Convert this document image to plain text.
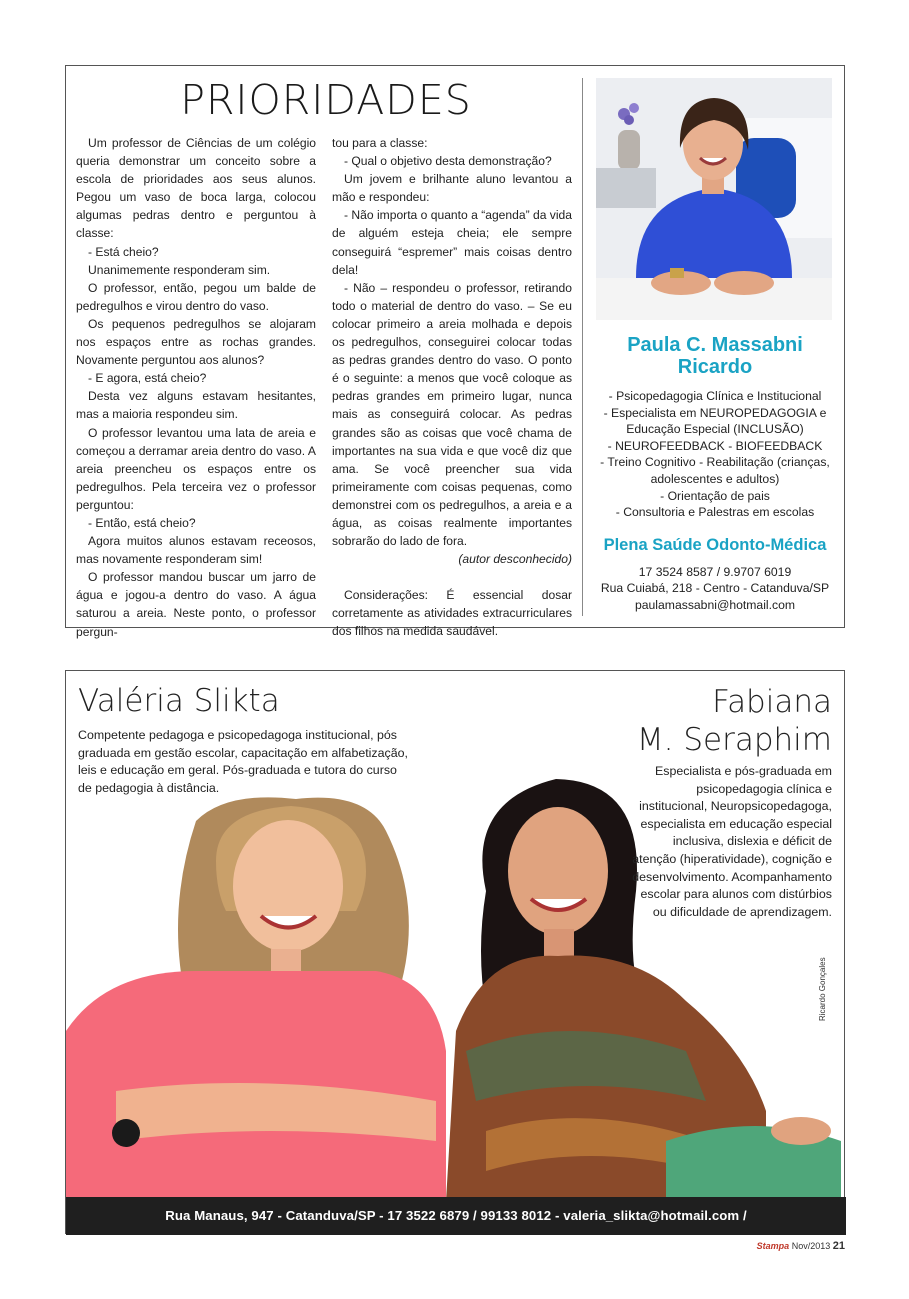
PRIORIDADES

Um professor de Ciências de um colégio queria demonstrar um conceito sobre a escola de prioridades aos seus alunos. Pegou um vaso de boca larga, colocou algumas pedras dentro e perguntou à classe:

- Está cheio?

Unanimemente responderam sim.

O professor, então, pegou um balde de pedregulhos e virou dentro do vaso.

Os pequenos pedregulhos se alojaram nos espaços entre as rochas grandes. Novamente perguntou aos alunos?

- E agora, está cheio?

Desta vez alguns estavam hesitantes, mas a maioria respondeu sim.

O professor levantou uma lata de areia e começou a derramar areia dentro do vaso. A areia preencheu os espaços entre os pedregulhos. Pela terceira vez o professor perguntou:

- Então, está cheio?

Agora muitos alunos estavam receosos, mas novamente responderam sim!

O professor mandou buscar um jarro de água e jogou-a dentro do vaso. A água saturou a areia. Neste ponto, o professor pergun-

tou para a classe:

- Qual o objetivo desta demonstração?

Um jovem e brilhante aluno levantou a mão e respondeu:

- Não importa o quanto a “agenda” da vida de alguém esteja cheia; ele sempre conseguirá “espremer” mais coisas dentro dela!

- Não – respondeu o professor, retirando todo o material de dentro do vaso. – Se eu colocar primeiro a areia molhada e depois os pedregulhos, conseguirei colocar todas as pedras grandes dentro do vaso. O ponto é o seguinte: a menos que você coloque as pedras grandes em primeiro lugar, nunca mais as conseguirá colocar. As pedras grandes são as coisas que você chama de importantes na sua vida e que você diz que ama. Se você preencher sua vida primeiramente com coisas pequenas, como demonstrei com os pedregulhos, a areia e a água, as coisas realmente importantes sobrarão do lado de fora.

(autor desconhecido)

Considerações: É essencial dosar corretamente as atividades extracurriculares dos filhos na medida saudável.

Paula C. Massabni
Ricardo
- Psicopedagogia Clínica e Institucional
- Especialista em NEUROPEDAGOGIA e Educação Especial (INCLUSÃO)
- NEUROFEEDBACK - BIOFEEDBACK
- Treino Cognitivo - Reabilitação (crianças, adolescentes e adultos)
- Orientação de pais
- Consultoria e Palestras em escolas
Plena Saúde Odonto-Médica
17 3524 8587 / 9.9707 6019
Rua Cuiabá, 218 - Centro - Catanduva/SP
paulamassabni@hotmail.com
Valéria Slikta
Competente pedagoga e psicopedagoga institucional, pós graduada em gestão escolar, capacitação em alfabetização, leis e educação em geral. Pós-graduada e tutora do curso de pedagogia à distância.
Fabiana
M. Seraphim
Especialista e pós-graduada em psicopedagogia clínica e institucional, Neuropsicopedagoga, especialista em educação especial inclusiva, dislexia e déficit de atenção (hiperatividade), cognição e desenvolvimento. Acompanhamento escolar para alunos com distúrbios ou dificuldade de aprendizagem.
Ricardo Gonçales
Rua Manaus, 947 - Catanduva/SP - 17 3522 6879 / 99133 8012 - valeria_slikta@hotmail.com / faseraphim2002@hotmail.com.br	Stampa Nov/2013 21
